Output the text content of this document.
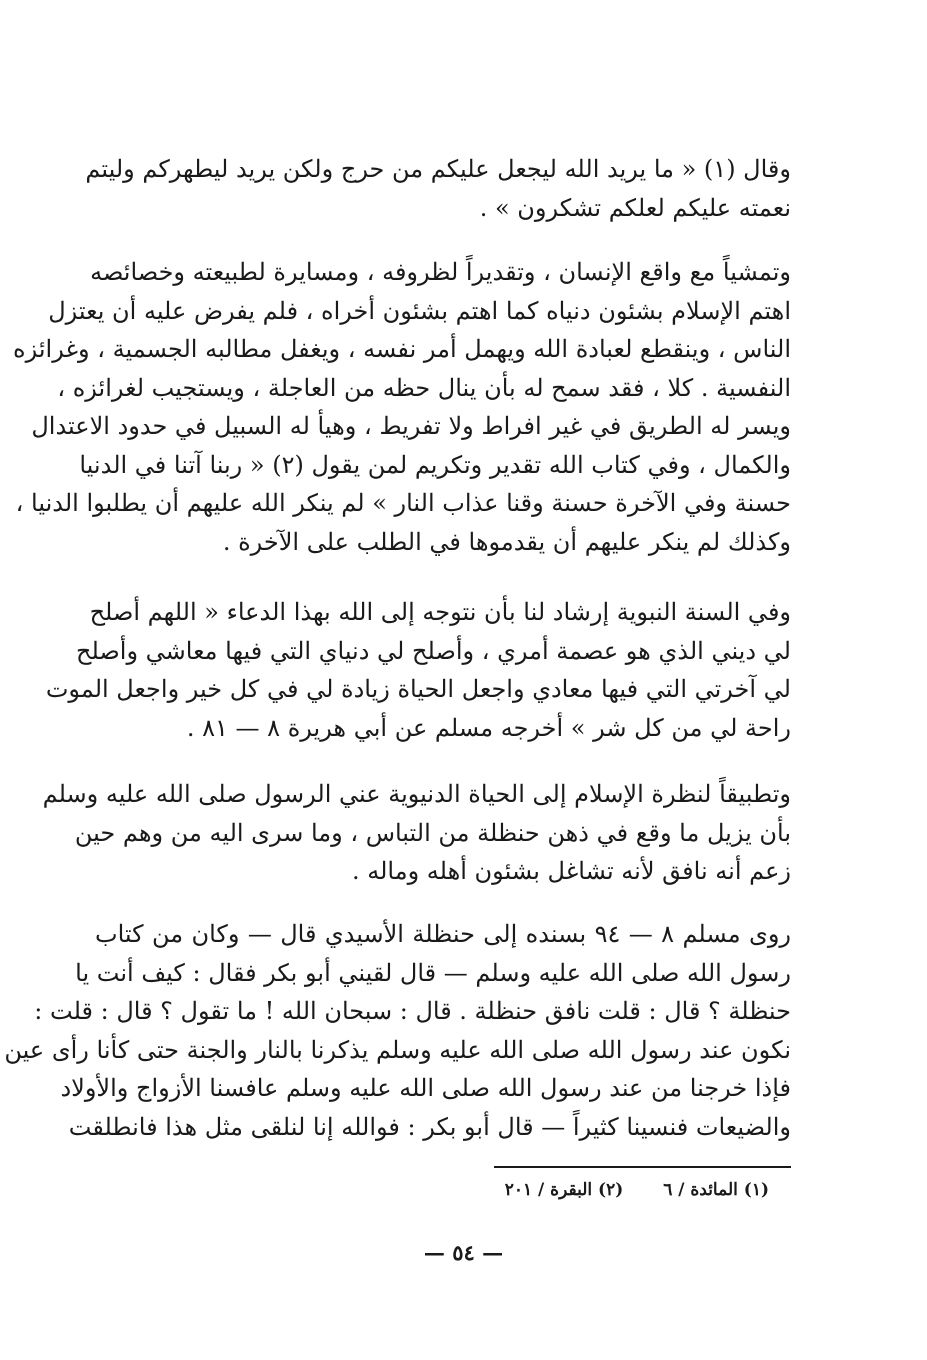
وقال (١) « ما يريد الله ليجعل عليكم من حرج ولكن يريد ليطهركم وليتم
نعمته عليكم لعلكم تشكرون » .
وتمشياً مع واقع الإنسان ، وتقديراً لظروفه ، ومسايرة لطبيعته وخصائصه
اهتم الإسلام بشئون دنياه كما اهتم بشئون أخراه ، فلم يفرض عليه أن يعتزل
الناس ، وينقطع لعبادة الله ويهمل أمر نفسه ، ويغفل مطالبه الجسمية ، وغرائزه
النفسية . كلا ، فقد سمح له بأن ينال حظه من العاجلة ، ويستجيب لغرائزه ،
ويسر له الطريق في غير افراط ولا تفريط ، وهيأ له السبيل في حدود الاعتدال
والكمال ، وفي كتاب الله تقدير وتكريم لمن يقول (٢) « ربنا آتنا في الدنيا
حسنة وفي الآخرة حسنة وقنا عذاب النار » لم ينكر الله عليهم أن يطلبوا الدنيا ،
وكذلك لم ينكر عليهم أن يقدموها في الطلب على الآخرة .
وفي السنة النبوية إرشاد لنا بأن نتوجه إلى الله بهذا الدعاء « اللهم أصلح
لي ديني الذي هو عصمة أمري ، وأصلح لي دنياي التي فيها معاشي وأصلح
لي آخرتي التي فيها معادي واجعل الحياة زيادة لي في كل خير واجعل الموت
راحة لي من كل شر » أخرجه مسلم عن أبي هريرة ٨ — ٨١ .
وتطبيقاً لنظرة الإسلام إلى الحياة الدنيوية عني الرسول صلى الله عليه وسلم
بأن يزيل ما وقع في ذهن حنظلة من التباس ، وما سرى اليه من وهم حين
زعم أنه نافق لأنه تشاغل بشئون أهله وماله .
روى مسلم ٨ — ٩٤ بسنده إلى حنظلة الأسيدي قال — وكان من كتاب
رسول الله صلى الله عليه وسلم — قال لقيني أبو بكر فقال : كيف أنت يا
حنظلة ؟ قال : قلت نافق حنظلة . قال : سبحان الله ! ما تقول ؟ قال : قلت :
نكون عند رسول الله صلى الله عليه وسلم يذكرنا بالنار والجنة حتى كأنا رأى عين
فإذا خرجنا من عند رسول الله صلى الله عليه وسلم عافسنا الأزواج والأولاد
والضيعات فنسينا كثيراً — قال أبو بكر : فوالله إنا لنلقى مثل هذا فانطلقت
(١) المائدة / ٦ (٢) البقرة / ٢٠١
— ٥٤ —
